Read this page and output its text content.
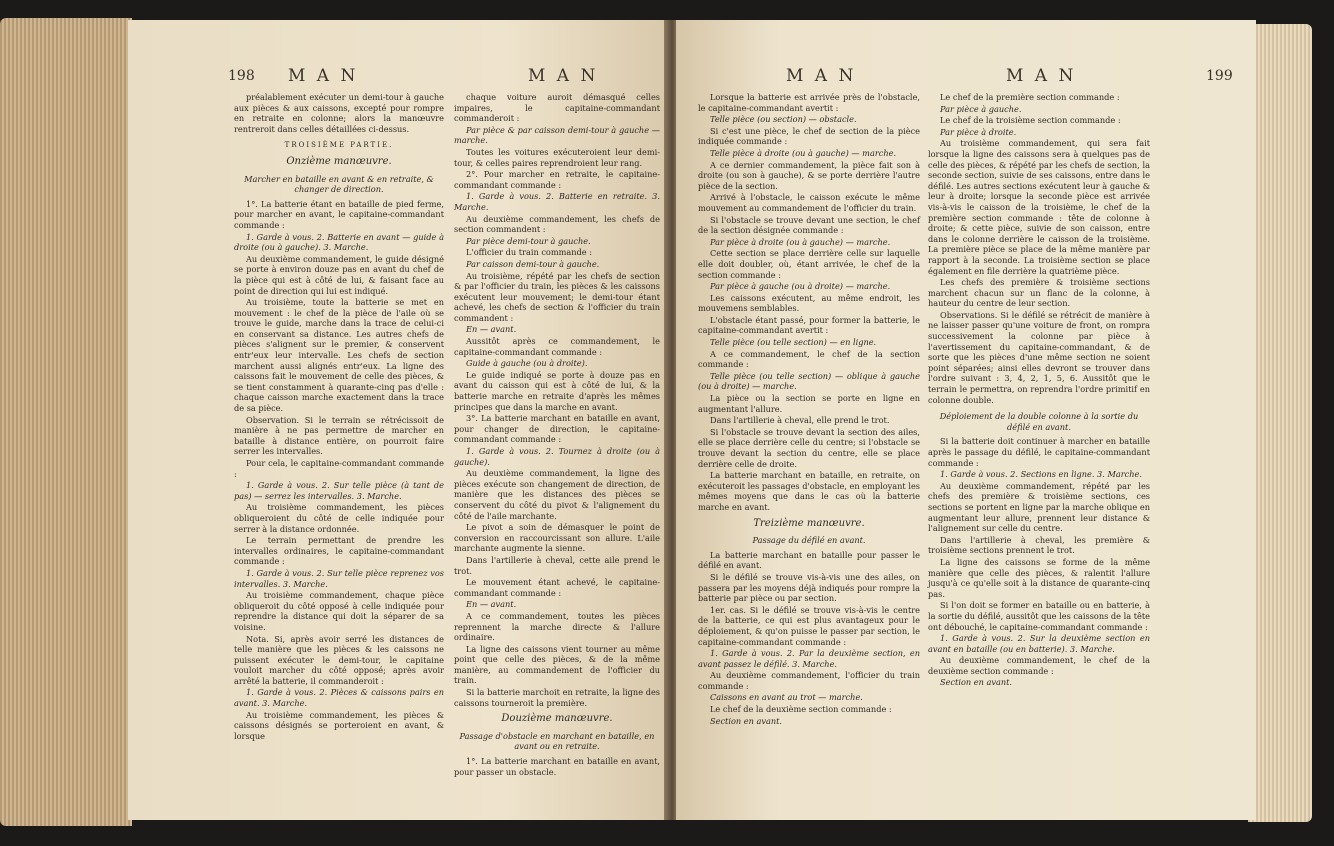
198 M A N	M A N

préalablement exécuter un demi-tour à gauche aux pièces & aux caissons, excepté pour rompre en retraite en colonne; alors la manœuvre rentreroit dans celles détaillées ci-dessus.

TROISIÈME PARTIE.

Onzième manœuvre.

Marcher en bataille en avant & en retraite, & changer de direction.

1°. La batterie étant en bataille de pied ferme, pour marcher en avant, le capitaine-commandant commande :

1. Garde à vous. 2. Batterie en avant — guide à droite (ou à gauche). 3. Marche.

Au deuxième commandement, le guide désigné se porte à environ douze pas en avant du chef de la pièce qui est à côté de lui, & faisant face au point de direction qui lui est indiqué.

Au troisième, toute la batterie se met en mouvement : le chef de la pièce de l'aile où se trouve le guide, marche dans la trace de celui-ci en conservant sa distance. Les autres chefs de pièces s'alignent sur le premier, & conservent entr'eux leur intervalle. Les chefs de section marchent aussi alignés entr'eux. La ligne des caissons fait le mouvement de celle des pièces, & se tient constamment à quarante-cinq pas d'elle : chaque caisson marche exactement dans la trace de sa pièce.

Observation. Si le terrain se rétrécissoit de manière à ne pas permettre de marcher en bataille à distance entière, on pourroit faire serrer les intervalles.

Pour cela, le capitaine-commandant commande :

1. Garde à vous. 2. Sur telle pièce (à tant de pas) — serrez les intervalles. 3. Marche.

Au troisième commandement, les pièces obliqueroient du côté de celle indiquée pour serrer à la distance ordonnée.

Le terrain permettant de prendre les intervalles ordinaires, le capitaine-commandant commande :

1. Garde à vous. 2. Sur telle pièce reprenez vos intervalles. 3. Marche.

Au troisième commandement, chaque pièce obliqueroit du côté opposé à celle indiquée pour reprendre la distance qui doit la séparer de sa voisine.

Nota. Si, après avoir serré les distances de telle manière que les pièces & les caissons ne puissent exécuter le demi-tour, le capitaine vouloit marcher du côté opposé; après avoir arrêté la batterie, il commanderoit :

1. Garde à vous. 2. Pièces & caissons pairs en avant. 3. Marche.

Au troisième commandement, les pièces & caissons désignés se porteroient en avant, & lorsque

chaque voiture auroit démasqué celles impaires, le capitaine-commandant commanderoit :

Par pièce & par caisson demi-tour à gauche — marche.

Toutes les voitures exécuteroient leur demi-tour, & celles paires reprendroient leur rang.

2°. Pour marcher en retraite, le capitaine-commandant commande :

1. Garde à vous. 2. Batterie en retraite. 3. Marche.

Au deuxième commandement, les chefs de section commandent :

Par pièce demi-tour à gauche.

L'officier du train commande :

Par caisson demi-tour à gauche.

Au troisième, répété par les chefs de section & par l'officier du train, les pièces & les caissons exécutent leur mouvement; le demi-tour étant achevé, les chefs de section & l'officier du train commandent :

En — avant.

Aussitôt après ce commandement, le capitaine-commandant commande :

Guide à gauche (ou à droite).

Le guide indiqué se porte à douze pas en avant du caisson qui est à côté de lui, & la batterie marche en retraite d'après les mêmes principes que dans la marche en avant.

3°. La batterie marchant en bataille en avant, pour changer de direction, le capitaine-commandant commande :

1. Garde à vous. 2. Tournez à droite (ou à gauche).

Au deuxième commandement, la ligne des pièces exécute son changement de direction, de manière que les distances des pièces se conservent du côté du pivot & l'alignement du côté de l'aile marchante.

Le pivot a soin de démasquer le point de conversion en raccourcissant son allure. L'aile marchante augmente la sienne.

Dans l'artillerie à cheval, cette aile prend le trot.

Le mouvement étant achevé, le capitaine-commandant commande :

En — avant.

A ce commandement, toutes les pièces reprennent la marche directe & l'allure ordinaire.

La ligne des caissons vient tourner au même point que celle des pièces, & de la même manière, au commandement de l'officier du train.

Si la batterie marchoit en retraite, la ligne des caissons tourneroit la première.

Douzième manœuvre.

Passage d'obstacle en marchant en bataille, en avant ou en retraite.

1°. La batterie marchant en bataille en avant, pour passer un obstacle.

M A N	M A N	199

Lorsque la batterie est arrivée près de l'obstacle, le capitaine-commandant avertit :

Telle pièce (ou section) — obstacle.

Si c'est une pièce, le chef de section de la pièce indiquée commande :

Telle pièce à droite (ou à gauche) — marche.

A ce dernier commandement, la pièce fait son à droite (ou son à gauche), & se porte derrière l'autre pièce de la section.

Arrivé à l'obstacle, le caisson exécute le même mouvement au commandement de l'officier du train.

Si l'obstacle se trouve devant une section, le chef de la section désignée commande :

Par pièce à droite (ou à gauche) — marche.

Cette section se place derrière celle sur laquelle elle doit doubler, où, étant arrivée, le chef de la section commande :

Par pièce à gauche (ou à droite) — marche.

Les caissons exécutent, au même endroit, les mouvemens semblables.

L'obstacle étant passé, pour former la batterie, le capitaine-commandant avertit :

Telle pièce (ou telle section) — en ligne.

A ce commandement, le chef de la section commande :

Telle pièce (ou telle section) — oblique à gauche (ou à droite) — marche.

La pièce ou la section se porte en ligne en augmentant l'allure.

Dans l'artillerie à cheval, elle prend le trot.

Si l'obstacle se trouve devant la section des ailes, elle se place derrière celle du centre; si l'obstacle se trouve devant la section du centre, elle se place derrière celle de droite.

La batterie marchant en bataille, en retraite, on exécuteroit les passages d'obstacle, en employant les mêmes moyens que dans le cas où la batterie marche en avant.

Treizième manœuvre.

Passage du défilé en avant.

La batterie marchant en bataille pour passer le défilé en avant.

Si le défilé se trouve vis-à-vis une des ailes, on passera par les moyens déjà indiqués pour rompre la batterie par pièce ou par section.

1er. cas. Si le défilé se trouve vis-à-vis le centre de la batterie, ce qui est plus avantageux pour le déploiement, & qu'on puisse le passer par section, le capitaine-commandant commande :

1. Garde à vous. 2. Par la deuxième section, en avant passez le défilé. 3. Marche.

Au deuxième commandement, l'officier du train commande :

Caissons en avant au trot — marche.

Le chef de la deuxième section commande :

Section en avant.

Le chef de la première section commande :

Par pièce à gauche.

Le chef de la troisième section commande :

Par pièce à droite.

Au troisième commandement, qui sera fait lorsque la ligne des caissons sera à quelques pas de celle des pièces, & répété par les chefs de section, la seconde section, suivie de ses caissons, entre dans le défilé. Les autres sections exécutent leur à gauche & leur à droite; lorsque la seconde pièce est arrivée vis-à-vis le caisson de la troisième, le chef de la première section commande : tête de colonne à droite; & cette pièce, suivie de son caisson, entre dans le colonne derrière le caisson de la troisième. La première pièce se place de la même manière par rapport à la seconde. La troisième section se place également en file derrière la quatrième pièce.

Les chefs des première & troisième sections marchent chacun sur un flanc de la colonne, à hauteur du centre de leur section.

Observations. Si le défilé se rétrécit de manière à ne laisser passer qu'une voiture de front, on rompra successivement la colonne par pièce à l'avertissement du capitaine-commandant, & de sorte que les pièces d'une même section ne soient point séparées; ainsi elles devront se trouver dans l'ordre suivant : 3, 4, 2, 1, 5, 6. Aussitôt que le terrain le permettra, on reprendra l'ordre primitif en colonne double.

Déploiement de la double colonne à la sortie du défilé en avant.

Si la batterie doit continuer à marcher en bataille après le passage du défilé, le capitaine-commandant commande :

1. Garde à vous. 2. Sections en ligne. 3. Marche.

Au deuxième commandement, répété par les chefs des première & troisième sections, ces sections se portent en ligne par la marche oblique en augmentant leur allure, prennent leur distance & l'alignement sur celle du centre.

Dans l'artillerie à cheval, les première & troisième sections prennent le trot.

La ligne des caissons se forme de la même manière que celle des pièces, & ralentit l'allure jusqu'à ce qu'elle soit à la distance de quarante-cinq pas.

Si l'on doit se former en bataille ou en batterie, à la sortie du défilé, aussitôt que les caissons de la tête ont débouché, le capitaine-commandant commande :

1. Garde à vous. 2. Sur la deuxième section en avant en bataille (ou en batterie). 3. Marche.

Au deuxième commandement, le chef de la deuxième section commande :

Section en avant.
